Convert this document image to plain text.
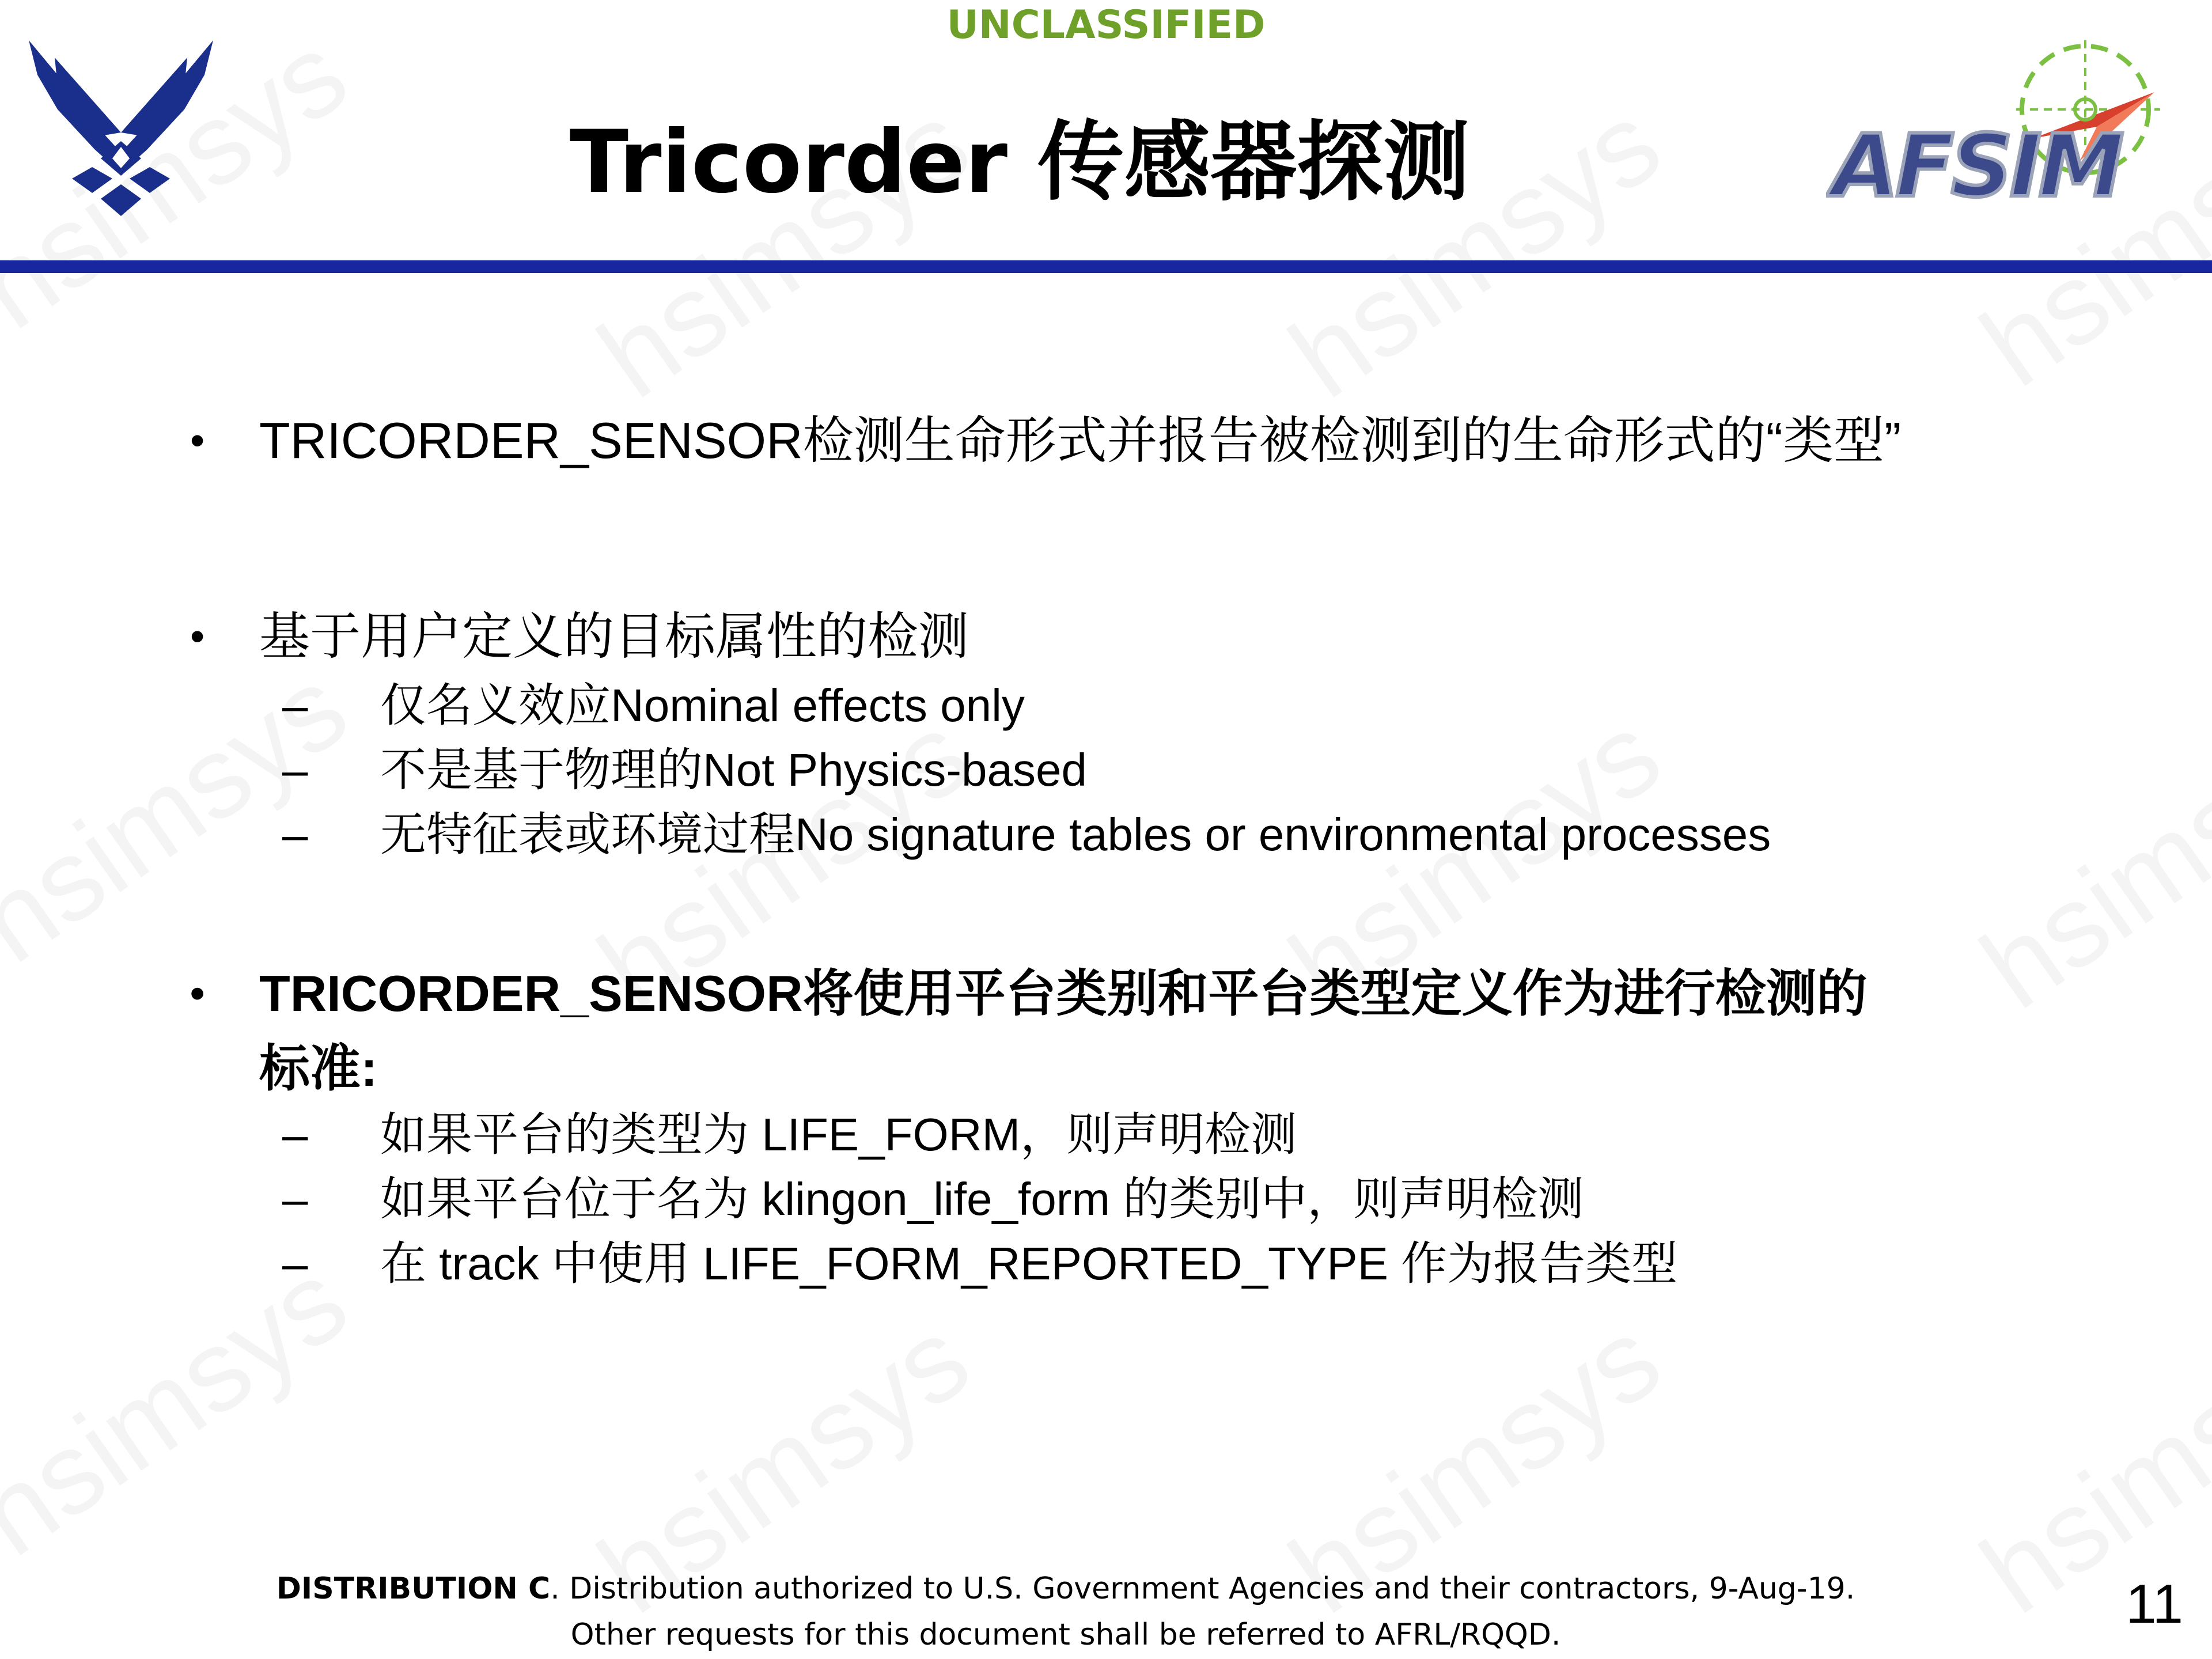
UNCLASSIFIED
Tricorder 传感器探测	AFSIM
• TRICORDER_SENSOR检测生命形式并报告被检测到的生命形式的“类型”
• 基于用户定义的目标属性的检测
– 仅名义效应Nominal effects only
– 不是基于物理的Not Physics-based
– 无特征表或环境过程No signature tables or environmental processes
• TRICORDER_SENSOR将使用平台类别和平台类型定义作为进行检测的
标准:
– 如果平台的类型为 LIFE_FORM，则声明检测
– 如果平台位于名为 klingon_life_form 的类别中，则声明检测
– 在 track 中使用 LIFE_FORM_REPORTED_TYPE 作为报告类型
DISTRIBUTION C. Distribution authorized to U.S. Government Agencies and their contractors, 9-Aug-19.
Other requests for this document shall be referred to AFRL/RQQD.	11
